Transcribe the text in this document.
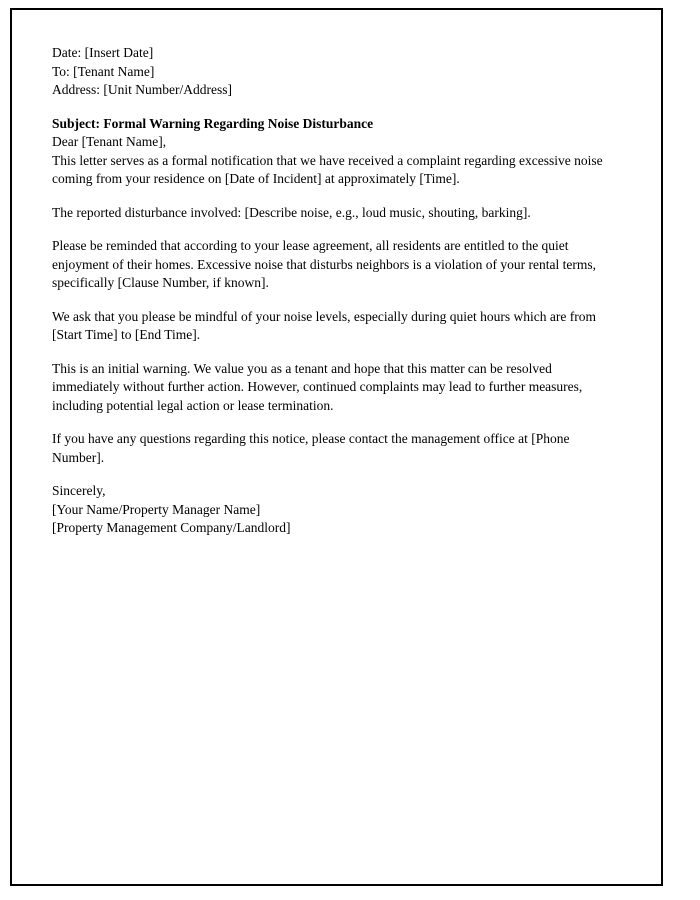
Date: [Insert Date]

To: [Tenant Name]

Address: [Unit Number/Address]

Subject: Formal Warning Regarding Noise Disturbance

Dear [Tenant Name],

This letter serves as a formal notification that we have received a complaint regarding excessive noise coming from your residence on [Date of Incident] at approximately [Time].

The reported disturbance involved: [Describe noise, e.g., loud music, shouting, barking].

Please be reminded that according to your lease agreement, all residents are entitled to the quiet enjoyment of their homes. Excessive noise that disturbs neighbors is a violation of your rental terms, specifically [Clause Number, if known].

We ask that you please be mindful of your noise levels, especially during quiet hours which are from [Start Time] to [End Time].

This is an initial warning. We value you as a tenant and hope that this matter can be resolved immediately without further action. However, continued complaints may lead to further measures, including potential legal action or lease termination.

If you have any questions regarding this notice, please contact the management office at [Phone Number].

Sincerely,

[Your Name/Property Manager Name]

[Property Management Company/Landlord]
